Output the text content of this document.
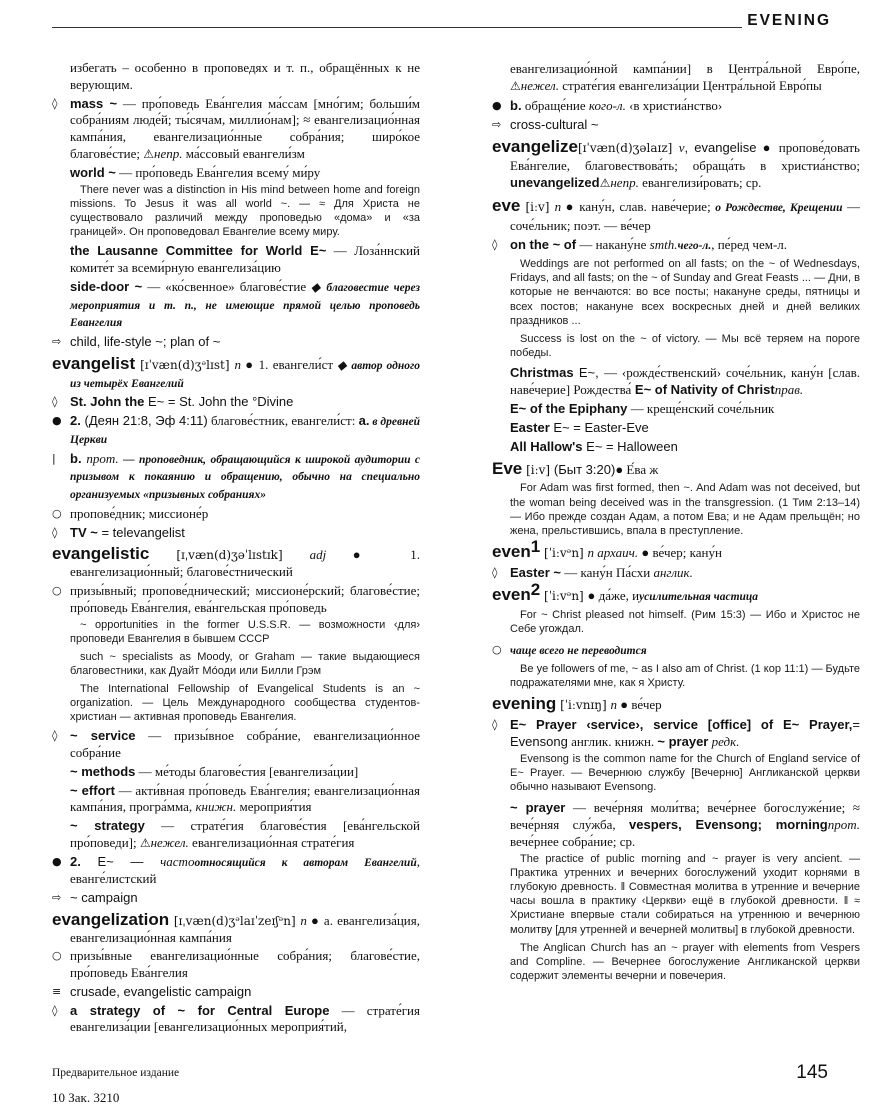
EVENING
избегать – особенно в проповедях и т. п., обращённых к не верующим.
◊ mass ~ — про́поведь Ева́нгелия ма́ссам [мно́гим; больши́м собра́ниям люде́й; ты́сячам, миллио́нам]; ≈ евангелизацио́нная кампа́ния, евангелизацио́нные собра́ния; широ́кое благове́стие; ⚠непр. ма́ссовый евангели́зм
world ~ — про́поведь Ева́нгелия всему́ ми́ру
There never was a distinction in His mind between home and foreign missions. To Jesus it was all world ~. — ≈ Для Христа не существовало различий между проповедью «дома» и «за границей». Он проповедовал Евангелие всему миру.
the Lausanne Committee for World E~ — Лоза́ннский комите́т за всеми́рную евангелиза́цию
side-door ~ — «ко́свенное» благове́стие ◆ благовестие через мероприятия и т. п., не имеющие прямой целью проповедь Евангелия
⇨ child, life-style ~; plan of ~
evangelist [ɪˈvæn(d)ʒᵊlɪst] n ● 1. евангели́ст ◆ автор одного из четырёх Евангелий
◊ St. John the E~ = St. John the °Divine
● 2. (Деян 21:8, Эф 4:11) благове́стник, евангели́ст: a. в древней Церкви
|	b. прот. — проповедник, обращающийся к широкой аудитории с призывом к покаянию и обращению, обычно на специально организуемых «призывных собраниях»
○ пропове́дник; миссионе́р
◊ TV ~ = televangelist
evangelistic [ɪˌvæn(d)ʒəˈlɪstɪk] adj ● 1. евангелизацио́нный; благове́стнический
○ призы́вный; пропове́днический; миссионе́рский; благове́стие; про́поведь Ева́нгелия, ева́нгельская про́поведь
~ opportunities in the former U.S.S.R. — возможности ‹для› проповеди Евангелия в бывшем СССР
such ~ specialists as Moody, or Graham — такие выдающиеся благовестники, как Дуайт Мо́оди или Билли Грэм
The International Fellowship of Evangelical Students is an ~ organization. — Цель Международного сообщества студентов-христиан — активная проповедь Евангелия.
◊ ~ service — призы́вное собра́ние, евангелизацио́нное собра́ние
~ methods — ме́тоды благове́стия [евангелиза́ции]
~ effort — акти́вная про́поведь Ева́нгелия; евангелизацио́нная кампа́ния, програ́мма, книжн. мероприя́тия
~ strategy — страте́гия благове́стия [ева́нгельской про́поведи]; ⚠нежел. евангелизацио́нная страте́гия
● 2. E~ — частоотносящийся к авторам Евангелий, еванге́листский
⇨ ~ campaign
evangelization [ɪˌvæn(d)ʒᵊlaɪˈzeɪʃᵊn] n ● a. евангелиза́ция, евангелизацио́нная кампа́ния
○ призы́вные евангелизацио́нные собра́ния; благове́стие, про́поведь Ева́нгелия
≡ crusade, evangelistic campaign
◊ a strategy of ~ for Central Europe — страте́гия евангелиза́ции [евангелизацио́нных мероприя́тий,
евангелизацио́нной кампа́нии] в Центра́льной Евро́пе, ⚠нежел. страте́гия евангелиза́ции Центра́льной Евро́пы
● b. обраще́ние кого-л. ‹в христиа́нство›
⇨ cross-cultural ~
evangelize[ɪˈvæn(d)ʒəlaɪz] v, evangelise ● пропове́довать Ева́нгелие, благовествова́ть; обраща́ть в христиа́нство; unevangelized⚠непр. евангелизи́ровать; ср.
eve [iːv] n ● кану́н, слав. наве́черие; о Рождестве, Крещении — соче́льник; поэт. — ве́чер
◊ on the ~ of — накану́не smth.чего-л., пе́ред чем-л.
Weddings are not performed on all fasts; on the ~ of Wednesdays, Fridays, and all fasts; on the ~ of Sunday and Great Feasts ... — Дни, в которые не венчаются: во все посты; накануне среды, пятницы и всех постов; накануне всех воскресных дней и дней великих праздников ...
Success is lost on the ~ of victory. — Мы всё теряем на пороге победы.
Christmas E~, — ‹рожде́ственский› соче́льник, кану́н [слав. наве́черие] Рождества́ E~ of Nativity of Christправ.
E~ of the Epiphany — креще́нский соче́льник
Easter E~ = Easter-Eve
All Hallow's E~ = Halloween
Eve [iːv] (Быт 3:20)● Е́ва ж
For Adam was first formed, then ~. And Adam was not deceived, but the woman being deceived was in the transgression. (1 Тим 2:13–14) — Ибо прежде создан Адам, а потом Ева; и не Адам прельщён; но жена, прельстившись, впала в преступление.
even$^1$ [ˈiːvᵊn] n архаич. ● ве́чер; кану́н
◊ Easter ~ — кану́н Па́схи англик.
even$^2$ [ˈiːvᵊn] ● да́же, иусилительная частица
For ~ Christ pleased not himself. (Рим 15:3) — Ибо и Христос не Себе угождал.
○ чаще всего не переводится
Be ye followers of me, ~ as I also am of Christ. (1 кор 11:1) — Будьте подражателями мне, как я Христу.
evening [ˈiːvnɪŋ] n ● ве́чер
◊ E~ Prayer ‹service›, service [office] of E~ Prayer,= Evensong англик. книжн. ~ prayer редк.
Evensong is the common name for the Church of England service of E~ Prayer. — Вечернюю службу [Вечерню] Англиканской церкви обычно называют Evensong.
~ prayer — вече́рняя моли́тва; вече́рнее богослуже́ние; ≈ вече́рняя слу́жба, vespers, Evensong; morningпрот. вече́рнее собра́ние; ср.
The practice of public morning and ~ prayer is very ancient. — Практика утренних и вечерних богослужений уходит корнями в глубокую древность. ‖ Совместная молитва в утренние и вечерние часы вошла в практику ‹Церкви› ещё в глубокой древности. ‖ ≈ Христиане впервые стали собираться на утреннюю и вечернюю молитву [для утренней и вечерней молитвы] в глубокой древности.
The Anglican Church has an ~ prayer with elements from Vespers and Compline. — Вечернее богослужение Англиканской церкви содержит элементы вечерни и повечерия.
Предварительное издание
10 Зак. 3210
145
